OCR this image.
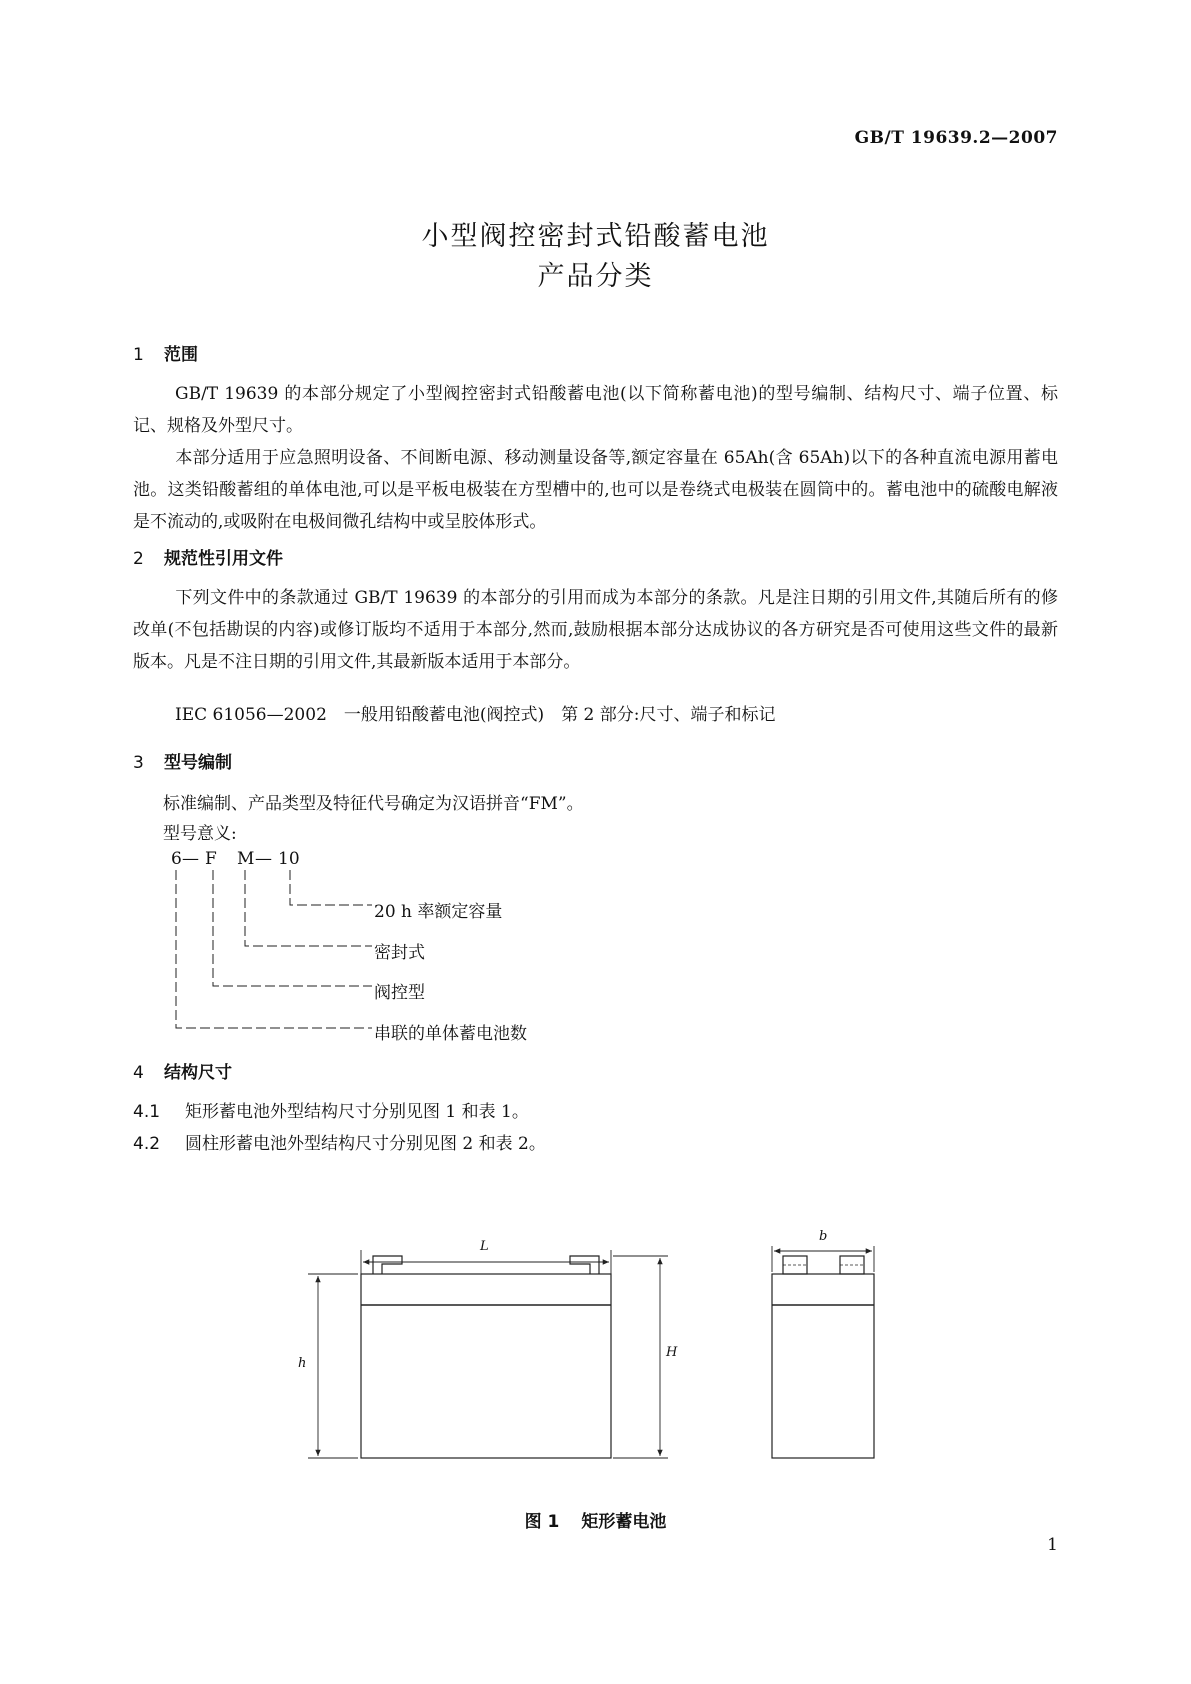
GB/T 19639.2—2007
小型阀控密封式铅酸蓄电池
产品分类
1 范围
GB/T 19639 的本部分规定了小型阀控密封式铅酸蓄电池(以下简称蓄电池)的型号编制、结构尺寸、端子位置、标记、规格及外型尺寸。
本部分适用于应急照明设备、不间断电源、移动测量设备等,额定容量在 65Ah(含 65Ah)以下的各种直流电源用蓄电池。这类铅酸蓄组的单体电池,可以是平板电极装在方型槽中的,也可以是卷绕式电极装在圆筒中的。蓄电池中的硫酸电解液是不流动的,或吸附在电极间微孔结构中或呈胶体形式。
2 规范性引用文件
下列文件中的条款通过 GB/T 19639 的本部分的引用而成为本部分的条款。凡是注日期的引用文件,其随后所有的修改单(不包括勘误的内容)或修订版均不适用于本部分,然而,鼓励根据本部分达成协议的各方研究是否可使用这些文件的最新版本。凡是不注日期的引用文件,其最新版本适用于本部分。
IEC 61056—2002　一般用铅酸蓄电池(阀控式)　第 2 部分:尺寸、端子和标记
3 型号编制
标准编制、产品类型及特征代号确定为汉语拼音“FM”。
型号意义:
6 — F M — 10
20 h 率额定容量
密封式
阀控型
串联的单体蓄电池数
4 结构尺寸
4.1 矩形蓄电池外型结构尺寸分别见图 1 和表 1。
4.2 圆柱形蓄电池外型结构尺寸分别见图 2 和表 2。
L
b
h
H
图 1 矩形蓄电池
1
